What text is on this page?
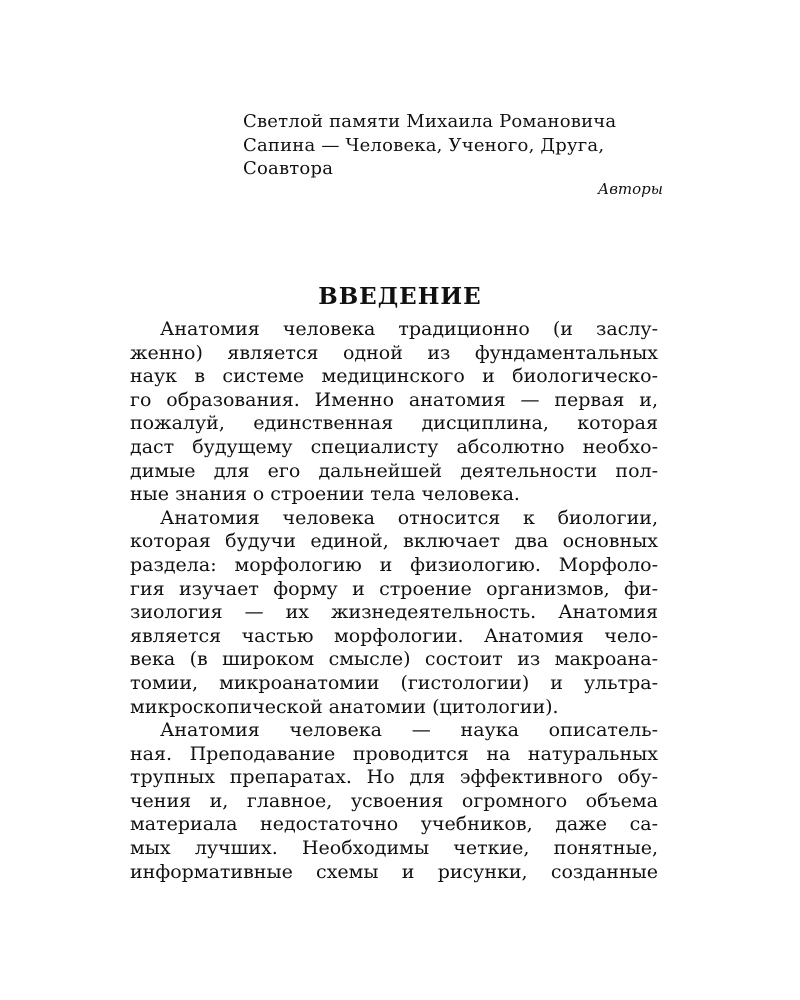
Светлой памяти Михаила Романовича
Сапина — Человека, Ученого, Друга,
Соавтора
Авторы
ВВЕДЕНИЕ
Анатомия человека традиционно (и заслу-
женно) является одной из фундаментальных
наук в системе медицинского и биологическо-
го образования. Именно анатомия — первая и,
пожалуй, единственная дисциплина, которая
даст будущему специалисту абсолютно необхо-
димые для его дальнейшей деятельности пол-
ные знания о строении тела человека.
Анатомия человека относится к биологии,
которая будучи единой, включает два основных
раздела: морфологию и физиологию. Морфоло-
гия изучает форму и строение организмов, фи-
зиология — их жизнедеятельность. Анатомия
является частью морфологии. Анатомия чело-
века (в широком смысле) состоит из макроана-
томии, микроанатомии (гистологии) и ультра-
микроскопической анатомии (цитологии).
Анатомия человека — наука описатель-
ная. Преподавание проводится на натуральных
трупных препаратах. Но для эффективного обу-
чения и, главное, усвоения огромного объема
материала недостаточно учебников, даже са-
мых лучших. Необходимы четкие, понятные,
информативные схемы и рисунки, созданные
